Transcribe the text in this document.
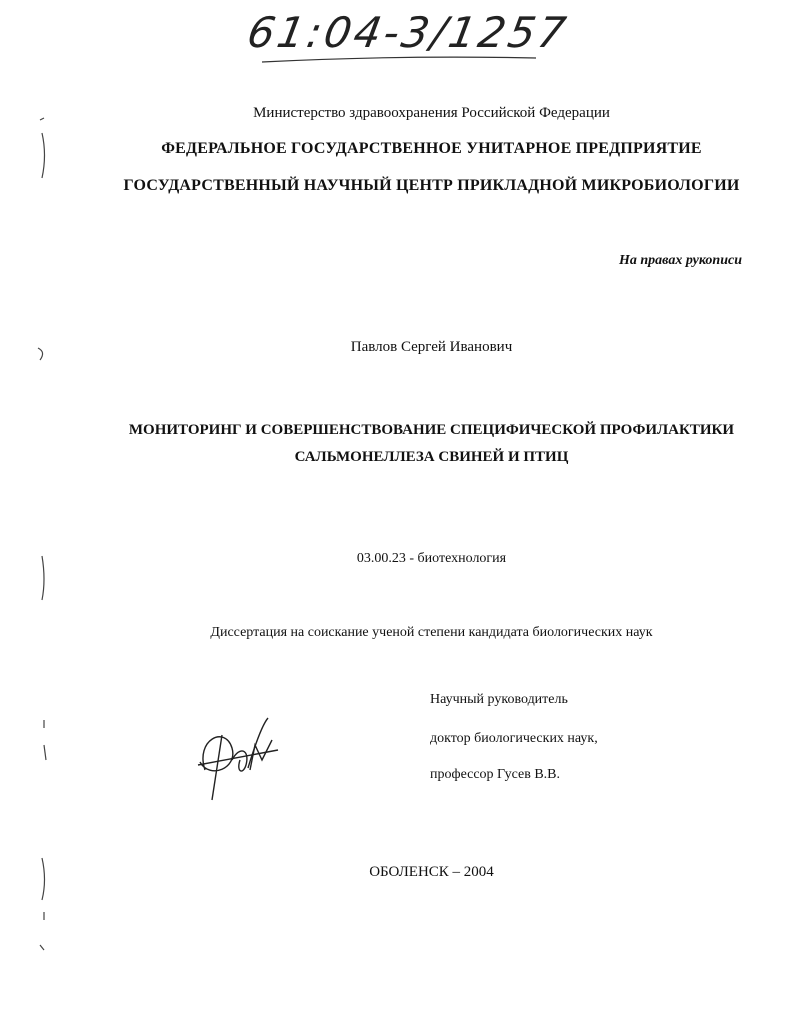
61:04-3/1257
Министерство здравоохранения Российской Федерации
ФЕДЕРАЛЬНОЕ ГОСУДАРСТВЕННОЕ УНИТАРНОЕ ПРЕДПРИЯТИЕ
ГОСУДАРСТВЕННЫЙ НАУЧНЫЙ ЦЕНТР ПРИКЛАДНОЙ МИКРОБИОЛОГИИ
На правах рукописи
Павлов Сергей Иванович
МОНИТОРИНГ И СОВЕРШЕНСТВОВАНИЕ СПЕЦИФИЧЕСКОЙ ПРОФИЛАКТИКИ
САЛЬМОНЕЛЛЕЗА СВИНЕЙ И ПТИЦ
03.00.23 - биотехнология
Диссертация на соискание ученой степени кандидата биологических наук
Научный руководитель
доктор биологических наук,
профессор Гусев В.В.
ОБОЛЕНСК – 2004
